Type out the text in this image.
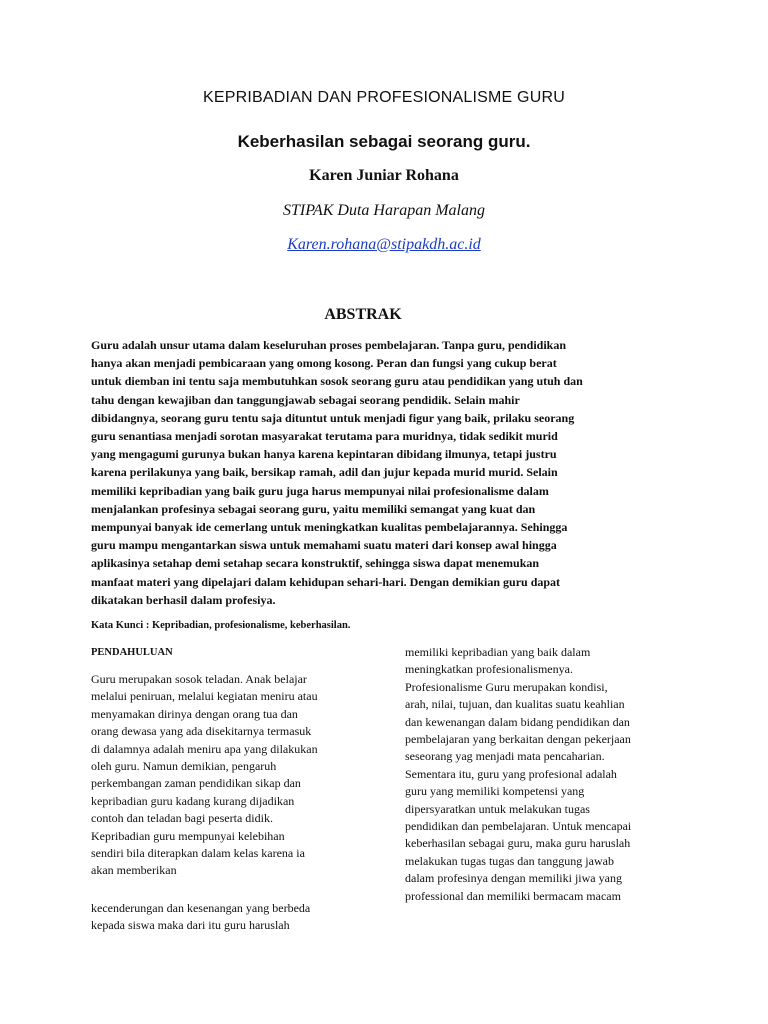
KEPRIBADIAN DAN PROFESIONALISME GURU
Keberhasilan sebagai seorang guru.

Karen Juniar Rohana

STIPAK Duta Harapan Malang

Karen.rohana@stipakdh.ac.id

ABSTRAK
Guru adalah unsur utama dalam keseluruhan proses pembelajaran. Tanpa guru, pendidikan
hanya akan menjadi pembicaraan yang omong kosong. Peran dan fungsi yang cukup berat
untuk diemban ini tentu saja membutuhkan sosok seorang guru atau pendidikan yang utuh dan
tahu dengan kewajiban dan tanggungjawab sebagai seorang pendidik. Selain mahir
dibidangnya, seorang guru tentu saja dituntut untuk menjadi figur yang baik, prilaku seorang
guru senantiasa menjadi sorotan masyarakat terutama para muridnya, tidak sedikit murid
yang mengagumi gurunya bukan hanya karena kepintaran dibidang ilmunya, tetapi justru
karena perilakunya yang baik, bersikap ramah, adil dan jujur kepada murid murid. Selain
memiliki kepribadian yang baik guru juga harus mempunyai nilai profesionalisme dalam
menjalankan profesinya sebagai seorang guru, yaitu memiliki semangat yang kuat dan
mempunyai banyak ide cemerlang untuk meningkatkan kualitas pembelajarannya. Sehingga
guru mampu mengantarkan siswa untuk memahami suatu materi dari konsep awal hingga
aplikasinya setahap demi setahap secara konstruktif, sehingga siswa dapat menemukan
manfaat materi yang dipelajari dalam kehidupan sehari-hari. Dengan demikian guru dapat
dikatakan berhasil dalam profesiya.

Kata Kunci : Kepribadian, profesionalisme, keberhasilan.

PENDAHULUAN

Guru merupakan sosok teladan. Anak belajar
melalui peniruan, melalui kegiatan meniru atau
menyamakan dirinya dengan orang tua dan
orang dewasa yang ada disekitarnya termasuk
di dalamnya adalah meniru apa yang dilakukan
oleh guru. Namun demikian, pengaruh
perkembangan zaman pendidikan sikap dan
kepribadian guru kadang kurang dijadikan
contoh dan teladan bagi peserta didik.
Kepribadian guru mempunyai kelebihan
sendiri bila diterapkan dalam kelas karena ia
akan memberikan
kecenderungan dan kesenangan yang berbeda
kepada siswa maka dari itu guru haruslah
memiliki kepribadian yang baik dalam
meningkatkan profesionalismenya.
Profesionalisme Guru merupakan kondisi,
arah, nilai, tujuan, dan kualitas suatu keahlian
dan kewenangan dalam bidang pendidikan dan
pembelajaran yang berkaitan dengan pekerjaan
seseorang yag menjadi mata pencaharian.
Sementara itu, guru yang profesional adalah
guru yang memiliki kompetensi yang
dipersyaratkan untuk melakukan tugas
pendidikan dan pembelajaran. Untuk mencapai
keberhasilan sebagai guru, maka guru haruslah
melakukan tugas tugas dan tanggung jawab
dalam profesinya dengan memiliki jiwa yang
professional dan memiliki bermacam macam
